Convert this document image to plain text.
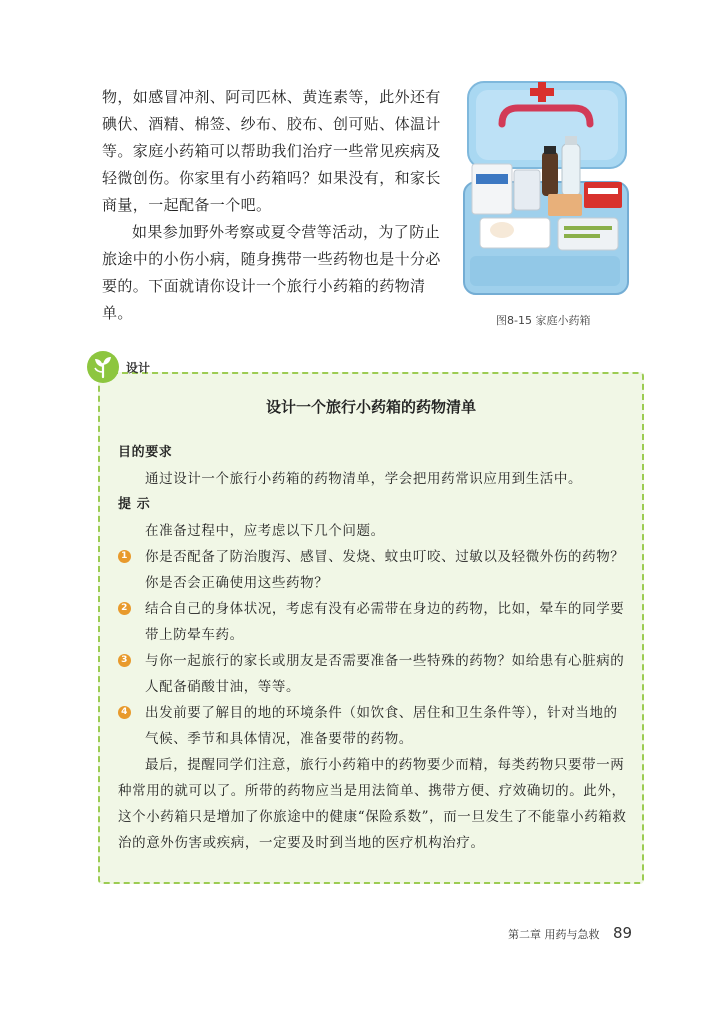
物，如感冒冲剂、阿司匹林、黄连素等，此外还有碘伏、酒精、棉签、纱布、胶布、创可贴、体温计等。家庭小药箱可以帮助我们治疗一些常见疾病及轻微创伤。你家里有小药箱吗？如果没有，和家长商量，一起配备一个吧。

如果参加野外考察或夏令营等活动，为了防止旅途中的小伤小病，随身携带一些药物也是十分必要的。下面就请你设计一个旅行小药箱的药物清单。	图8-15 家庭小药箱
设计一个旅行小药箱的药物清单

目的要求

通过设计一个旅行小药箱的药物清单，学会把用药常识应用到生活中。

提 示

在准备过程中，应考虑以下几个问题。

1	你是否配备了防治腹泻、感冒、发烧、蚊虫叮咬、过敏以及轻微外伤的药物？你是否会正确使用这些药物？
2	结合自己的身体状况，考虑有没有必需带在身边的药物，比如，晕车的同学要带上防晕车药。
3	与你一起旅行的家长或朋友是否需要准备一些特殊的药物？如给患有心脏病的人配备硝酸甘油，等等。
4	出发前要了解目的地的环境条件（如饮食、居住和卫生条件等），针对当地的气候、季节和具体情况，准备要带的药物。

最后，提醒同学们注意，旅行小药箱中的药物要少而精，每类药物只要带一两种常用的就可以了。所带的药物应当是用法简单、携带方便、疗效确切的。此外，这个小药箱只是增加了你旅途中的健康“保险系数”，而一旦发生了不能靠小药箱救治的意外伤害或疾病，一定要及时到当地的医疗机构治疗。

设计
第二章 用药与急救 89
